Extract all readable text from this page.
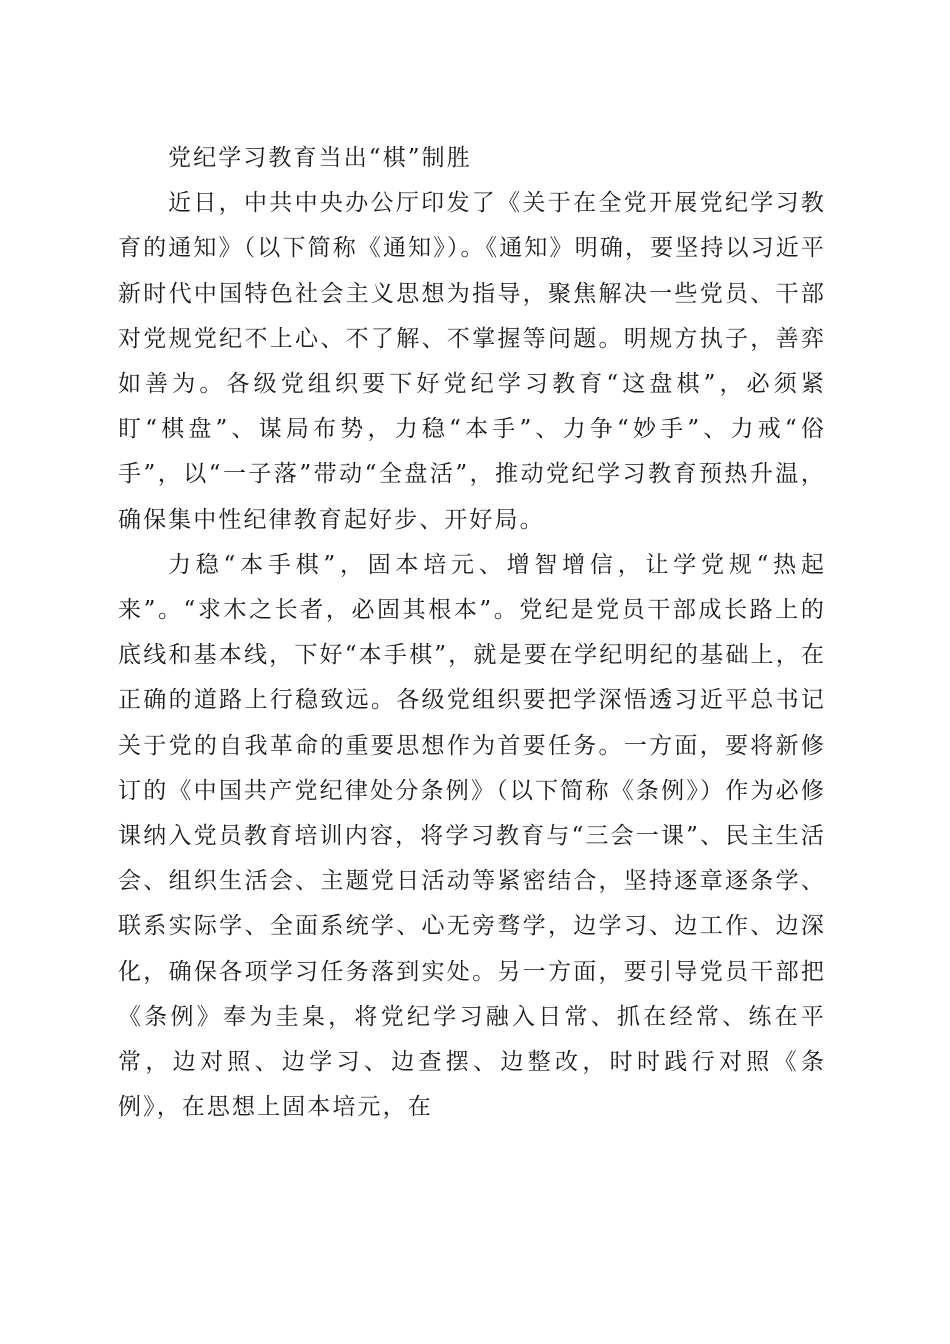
党纪学习教育当出“棋”制胜

近日，中共中央办公厅印发了《关于在全党开展党纪学习教育的通知》（以下简称《通知》）。《通知》明确，要坚持以习近平新时代中国特色社会主义思想为指导，聚焦解决一些党员、干部对党规党纪不上心、不了解、不掌握等问题。明规方执子，善弈如善为。各级党组织要下好党纪学习教育“这盘棋”，必须紧盯“棋盘”、谋局布势，力稳“本手”、力争“妙手”、力戒“俗手”，以“一子落”带动“全盘活”，推动党纪学习教育预热升温，确保集中性纪律教育起好步、开好局。

力稳“本手棋”，固本培元、增智增信，让学党规“热起来”。“求木之长者，必固其根本”。党纪是党员干部成长路上的底线和基本线，下好“本手棋”，就是要在学纪明纪的基础上，在正确的道路上行稳致远。各级党组织要把学深悟透习近平总书记关于党的自我革命的重要思想作为首要任务。一方面，要将新修订的《中国共产党纪律处分条例》（以下简称《条例》）作为必修课纳入党员教育培训内容，将学习教育与“三会一课”、民主生活会、组织生活会、主题党日活动等紧密结合，坚持逐章逐条学、联系实际学、全面系统学、心无旁骛学，边学习、边工作、边深化，确保各项学习任务落到实处。另一方面，要引导党员干部把《条例》奉为圭臬，将党纪学习融入日常、抓在经常、练在平常，边对照、边学习、边查摆、边整改，时时践行对照《条例》，在思想上固本培元，在
